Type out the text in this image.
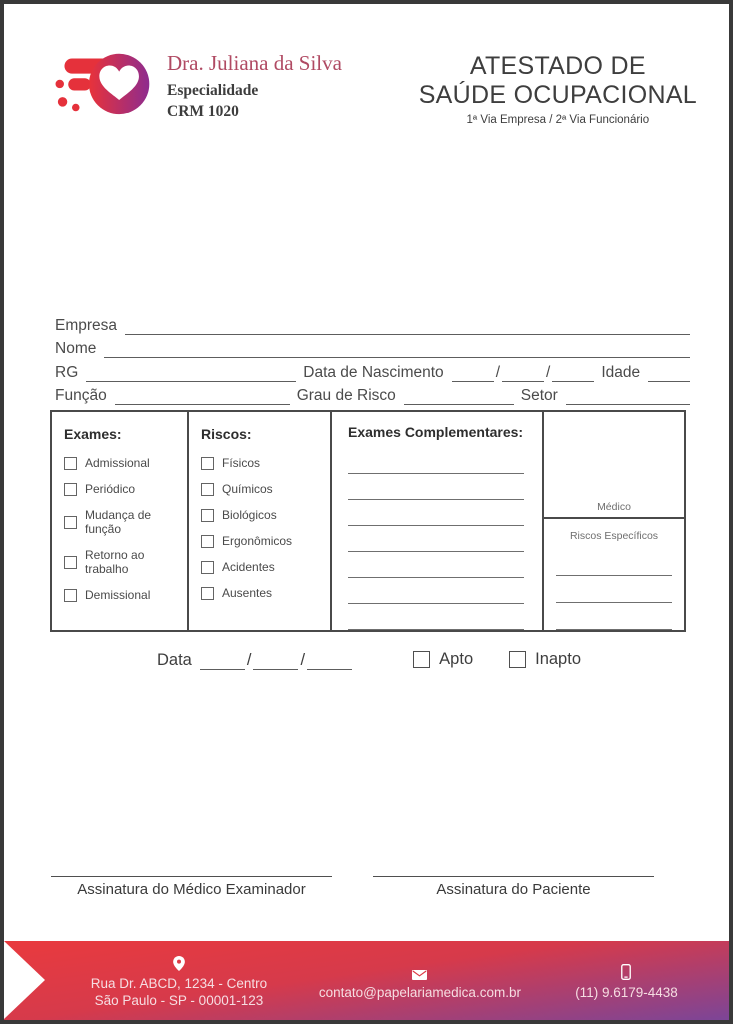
Dra. Juliana da Silva
Especialidade
CRM 1020
ATESTADO DE
SAÚDE OCUPACIONAL
1ª Via Empresa / 2ª Via Funcionário
Empresa
Nome
RG	Data de Nascimento	/	/	Idade
Função	Grau de Risco	Setor
Exames:
Admissional
Periódico
Mudança de função
Retorno ao trabalho
Demissional
Riscos:
Físicos
Químicos
Biológicos
Ergonômicos
Acidentes
Ausentes
Exames Complementares:
Médico
Riscos Específicos
Data	/	/	Apto	Inapto
Assinatura do Médico Examinador	Assinatura do Paciente
Rua Dr. ABCD, 1234 - Centro
São Paulo - SP - 00001-123
contato@papelariamedica.com.br	(11) 9.6179-4438
